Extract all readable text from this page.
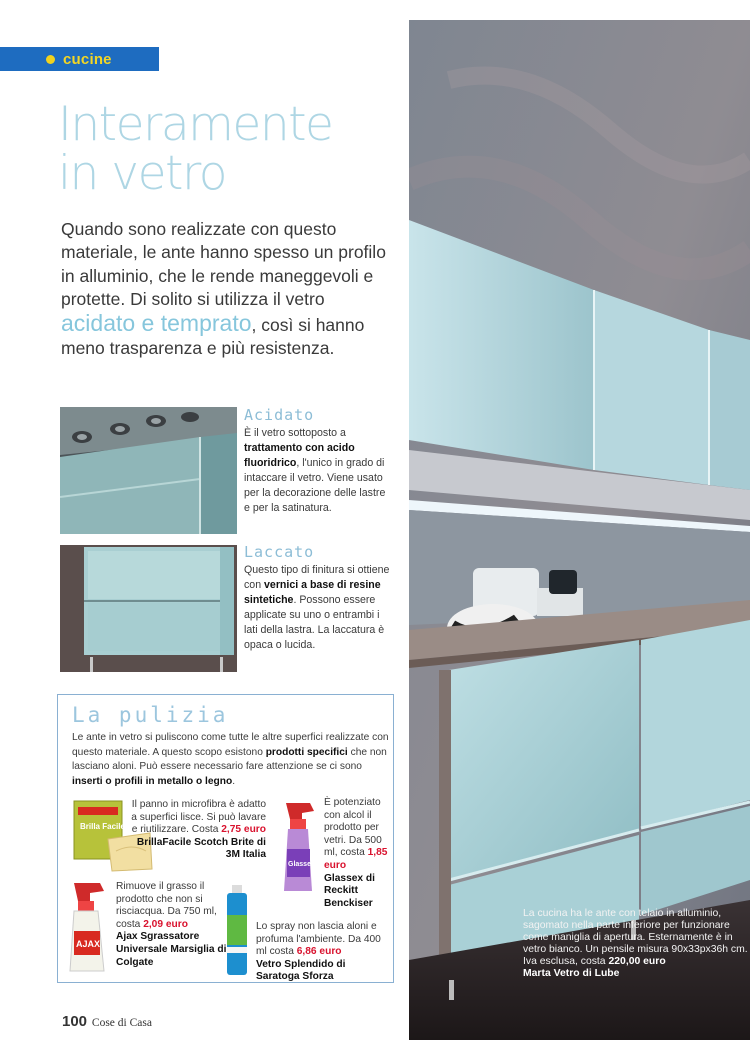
cucine
Interamente
in vetro

Quando sono realizzate con questo materiale, le ante hanno spesso un profilo in alluminio, che le rende maneggevoli e protette. Di solito si utilizza il vetro acidato e temprato, così si hanno meno trasparenza e più resistenza.

Acidato
È il vetro sottoposto a trattamento con acido fluoridrico, l'unico in grado di intaccare il vetro. Viene usato per la decorazione delle lastre e per la satinatura.
Laccato
Questo tipo di finitura si ottiene con vernici a base di resine sintetiche. Possono essere applicate su uno o entrambi i lati della lastra. La laccatura è opaca o lucida.
La pulizia
Le ante in vetro si puliscono come tutte le altre superfici realizzate con questo materiale. A questo scopo esistono prodotti specifici che non lasciano aloni. Può essere necessario fare attenzione se ci sono inserti o profili in metallo o legno.
Brilla Facile
Il panno in microfibra è adatto a superfici lisce. Si può lavare e riutilizzare. Costa 2,75 euro
BrillaFacile Scotch Brite di 3M Italia
Glassex
È potenziato con alcol il prodotto per vetri. Da 500 ml, costa 1,85 euro
Glassex di Reckitt Benckiser
AJAX
Rimuove il grasso il prodotto che non si risciacqua. Da 750 ml, costa 2,09 euro
Ajax Sgrassatore Universale Marsiglia di Colgate
Lo spray non lascia aloni e profuma l'ambiente. Da 400 ml costa 6,86 euro
Vetro Splendido di Saratoga Sforza
La cucina ha le ante con telaio in alluminio, sagomato nella parte inferiore per funzionare come maniglia di apertura. Esternamente è in vetro bianco. Un pensile misura 90x33px36h cm. Iva esclusa, costa 220,00 euro
Marta Vetro di Lube
100 Cose di Casa
